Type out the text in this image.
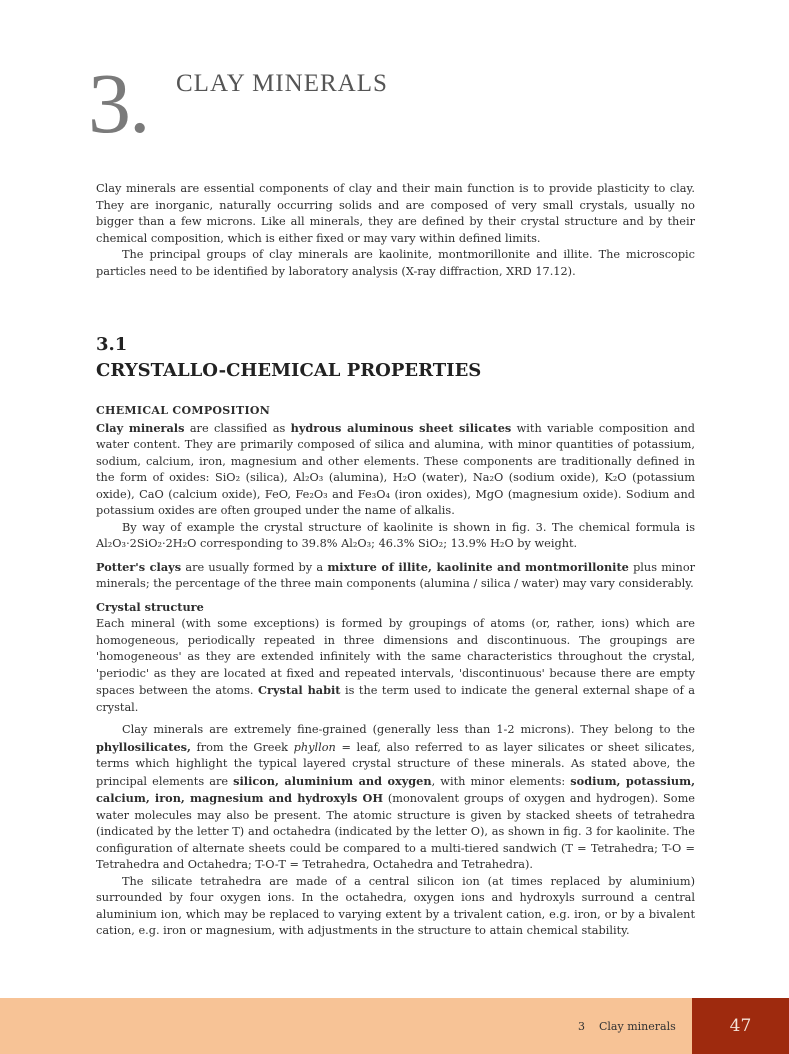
3. CLAY MINERALS

Clay minerals are essential components of clay and their main function is to provide plasticity to clay. They are inorganic, naturally occurring solids and are composed of very small crystals, usually no bigger than a few microns. Like all minerals, they are defined by their crystal structure and by their chemical composition, which is either fixed or may vary within defined limits.

The principal groups of clay minerals are kaolinite, montmorillonite and illite. The microscopic particles need to be identified by laboratory analysis (X-ray diffraction, XRD 17.12).

3.1
CRYSTALLO-CHEMICAL PROPERTIES

CHEMICAL COMPOSITION

Clay minerals are classified as hydrous aluminous sheet silicates with variable composition and water content. They are primarily composed of silica and alumina, with minor quantities of potassium, sodium, calcium, iron, magnesium and other elements. These components are traditionally defined in the form of oxides: SiO₂ (silica), Al₂O₃ (alumina), H₂O (water), Na₂O (sodium oxide), K₂O (potassium oxide), CaO (calcium oxide), FeO, Fe₂O₃ and Fe₃O₄ (iron oxides), MgO (magnesium oxide). Sodium and potassium oxides are often grouped under the name of alkalis.

By way of example the crystal structure of kaolinite is shown in fig. 3. The chemical formula is Al₂O₃·2SiO₂·2H₂O corresponding to 39.8% Al₂O₃; 46.3% SiO₂; 13.9% H₂O by weight.

Potter's clays are usually formed by a mixture of illite, kaolinite and montmorillonite plus minor minerals; the percentage of the three main components (alumina / silica / water) may vary considerably.

Crystal structure

Each mineral (with some exceptions) is formed by groupings of atoms (or, rather, ions) which are homogeneous, periodically repeated in three dimensions and discontinuous. The groupings are 'homogeneous' as they are extended infinitely with the same characteristics throughout the crystal, 'periodic' as they are located at fixed and repeated intervals, 'discontinuous' because there are empty spaces between the atoms. Crystal habit is the term used to indicate the general external shape of a crystal.

Clay minerals are extremely fine-grained (generally less than 1-2 microns). They belong to the phyllosilicates, from the Greek phyllon = leaf, also referred to as layer silicates or sheet silicates, terms which highlight the typical layered crystal structure of these minerals. As stated above, the principal elements are silicon, aluminium and oxygen, with minor elements: sodium, potassium, calcium, iron, magnesium and hydroxyls OH (monovalent groups of oxygen and hydrogen). Some water molecules may also be present. The atomic structure is given by stacked sheets of tetrahedra (indicated by the letter T) and octahedra (indicated by the letter O), as shown in fig. 3 for kaolinite. The configuration of alternate sheets could be compared to a multi-tiered sandwich (T = Tetrahedra; T-O = Tetrahedra and Octahedra; T-O-T = Tetrahedra, Octahedra and Tetrahedra).

The silicate tetrahedra are made of a central silicon ion (at times replaced by aluminium) surrounded by four oxygen ions. In the octahedra, oxygen ions and hydroxyls surround a central aluminium ion, which may be replaced to varying extent by a trivalent cation, e.g. iron, or by a bivalent cation, e.g. iron or magnesium, with adjustments in the structure to attain chemical stability.

3 Clay minerals	47
